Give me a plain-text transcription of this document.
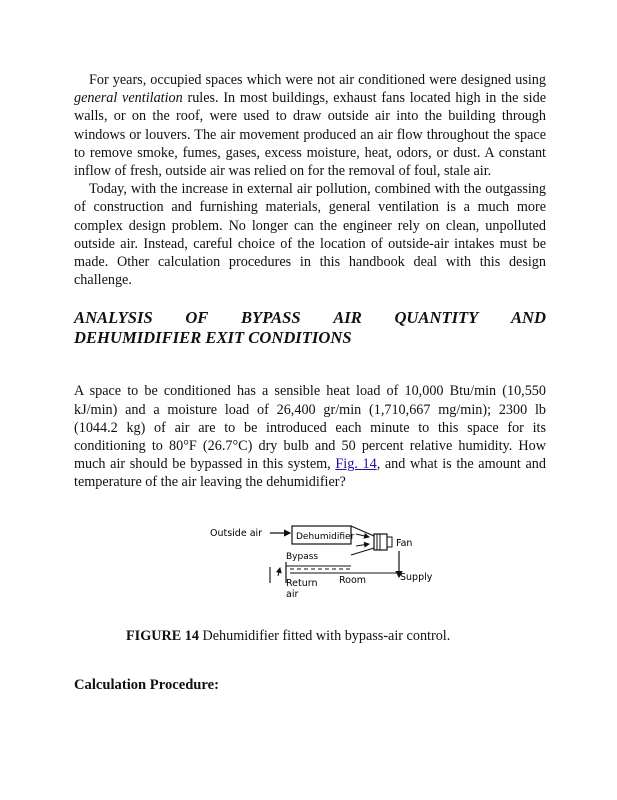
For years, occupied spaces which were not air conditioned were designed using general ventilation rules. In most buildings, exhaust fans located high in the side walls, or on the roof, were used to draw outside air into the building through windows or louvers. The air movement produced an air flow throughout the space to remove smoke, fumes, gases, excess moisture, heat, odors, or dust. A constant inflow of fresh, outside air was relied on for the removal of foul, stale air.

Today, with the increase in external air pollution, combined with the outgassing of construction and furnishing materials, general ventilation is a much more complex design problem. No longer can the engineer rely on clean, unpolluted outside air. Instead, careful choice of the location of outside-air intakes must be made. Other calculation procedures in this handbook deal with this design challenge.

ANALYSIS OF BYPASS AIR QUANTITY AND
DEHUMIDIFIER EXIT CONDITIONS

A space to be conditioned has a sensible heat load of 10,000 Btu/min (10,550 kJ/min) and a moisture load of 26,400 gr/min (1,710,667 mg/min); 2300 lb (1044.2 kg) of air are to be introduced each minute to this space for its conditioning to 80°F (26.7°C) dry bulb and 50 percent relative humidity. How much air should be bypassed in this system, Fig. 14, and what is the amount and temperature of the air leaving the dehumidifier?

Outside air	Dehumidifier
Fan
Bypass
Return
air
Room	Supply
FIGURE 14 Dehumidifier fitted with bypass-air control.
Calculation Procedure:
